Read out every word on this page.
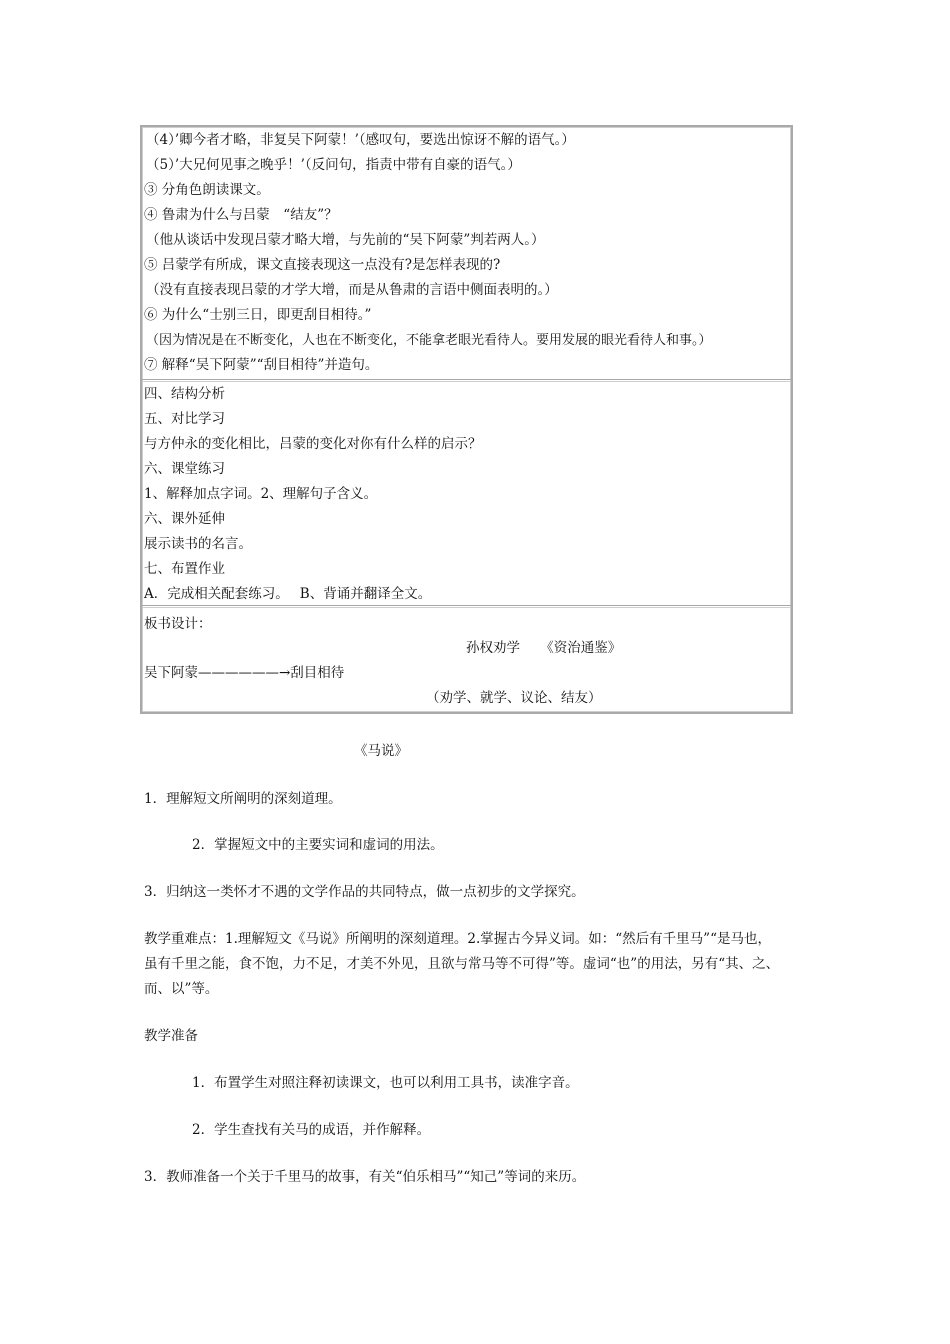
（4）’卿今者才略，非复吴下阿蒙！’（感叹句，要选出惊讶不解的语气。）
（5）’大兄何见事之晚乎！’（反问句，指责中带有自豪的语气。）
③ 分角色朗读课文。
④ 鲁肃为什么与吕蒙　“结友”？
（他从谈话中发现吕蒙才略大增，与先前的“吴下阿蒙”判若两人。）
⑤ 吕蒙学有所成，课文直接表现这一点没有?是怎样表现的?
（没有直接表现吕蒙的才学大增，而是从鲁肃的言语中侧面表明的。）
⑥ 为什么“士别三日，即更刮目相待。”
（因为情况是在不断变化，人也在不断变化，不能拿老眼光看待人。要用发展的眼光看待人和事。）
⑦ 解释“吴下阿蒙”“刮目相待”并造句。
四、结构分析
五、对比学习
与方仲永的变化相比，吕蒙的变化对你有什么样的启示？
六、课堂练习
1、解释加点字词。2、理解句子含义。
六、课外延伸
展示读书的名言。
七、布置作业
A．完成相关配套练习。　 B、背诵并翻译全文。
板书设计：
孙权劝学　　《资治通鉴》
吴下阿蒙——————→刮目相待
（劝学、就学、议论、结友）
《马说》
1．理解短文所阐明的深刻道理。
2．掌握短文中的主要实词和虚词的用法。
3．归纳这一类怀才不遇的文学作品的共同特点，做一点初步的文学探究。
教学重难点：1.理解短文《马说》所阐明的深刻道理。2.掌握古今异义词。如：“然后有千里马”“是马也，
虽有千里之能，食不饱，力不足，才美不外见，且欲与常马等不可得”等。虚词“也”的用法，另有“其、之、
而、以”等。
教学准备
1．布置学生对照注释初读课文，也可以利用工具书，读准字音。
2．学生查找有关马的成语，并作解释。
3．教师准备一个关于千里马的故事，有关“伯乐相马”“知己”等词的来历。
